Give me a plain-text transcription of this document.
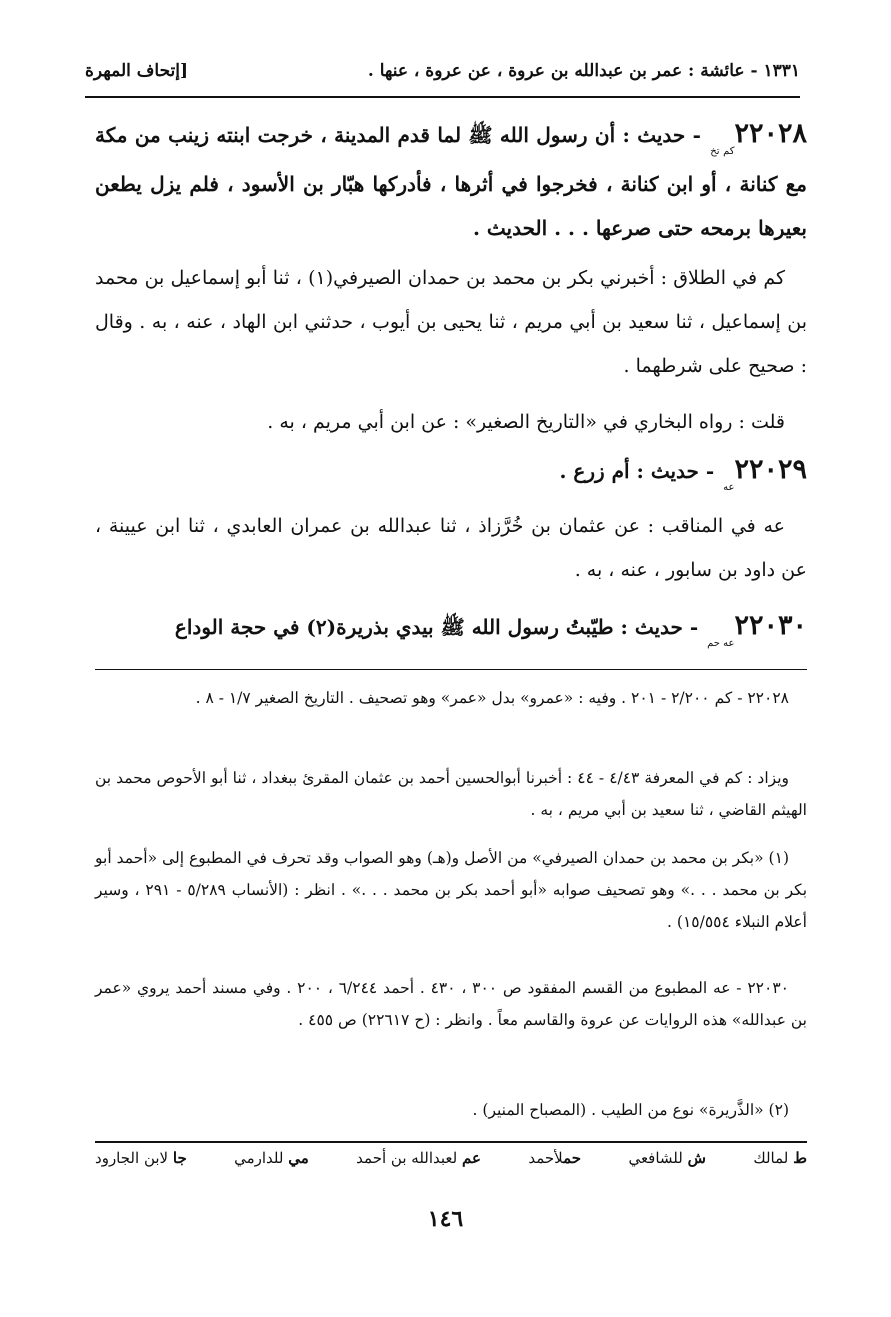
١٣٣١ - عائشة : عمر بن عبدالله بن عروة ، عن عروة ، عنها .
[إتحاف المهرة
$٢٢٠٢٨_{كم تخ}$ - حديث : أن رسول الله ﷺ لما قدم المدينة ، خرجت ابنته زينب من مكة مع كنانة ، أو ابن كنانة ، فخرجوا في أثرها ، فأدركها هبّار بن الأسود ، فلم يزل يطعن بعيرها برمحه حتى صرعها . . . الحديث .
كم في الطلاق : أخبرني بكر بن محمد بن حمدان الصيرفي(١) ، ثنا أبو إسماعيل بن محمد بن إسماعيل ، ثنا سعيد بن أبي مريم ، ثنا يحيى بن أيوب ، حدثني ابن الهاد ، عنه ، به . وقال : صحيح على شرطهما .
قلت : رواه البخاري في «التاريخ الصغير» : عن ابن أبي مريم ، به .
$٢٢٠٢٩_{عه}$ - حديث : أم زرع .
عه في المناقب : عن عثمان بن خُرَّزاذ ، ثنا عبدالله بن عمران العابدي ، ثنا ابن عيينة ، عن داود بن سابور ، عنه ، به .
$٢٢٠٣٠_{عه حم}$ - حديث : طيّبتُ رسول الله ﷺ بيدي بذريرة(٢) في حجة الوداع
٢٢٠٢٨ - كم ٢/٢٠٠ - ٢٠١ . وفيه : «عمرو» بدل «عمر» وهو تصحيف . التاريخ الصغير ١/٧ - ٨ .
ويزاد : كم في المعرفة ٤/٤٣ - ٤٤ : أخبرنا أبوالحسين أحمد بن عثمان المقرئ ببغداد ، ثنا أبو الأحوص محمد بن الهيثم القاضي ، ثنا سعيد بن أبي مريم ، به .
(١) «بكر بن محمد بن حمدان الصيرفي» من الأصل و(هـ) وهو الصواب وقد تحرف في المطبوع إلى «أحمد أبو بكر بن محمد . . .» وهو تصحيف صوابه «أبو أحمد بكر بن محمد . . .» . انظر : (الأنساب ٥/٢٨٩ - ٢٩١ ، وسير أعلام النبلاء ١٥/٥٥٤) .
٢٢٠٣٠ - عه المطبوع من القسم المفقود ص ٣٠٠ ، ٤٣٠ . أحمد ٦/٢٤٤ ، ٢٠٠ . وفي مسند أحمد يروي «عمر بن عبدالله» هذه الروايات عن عروة والقاسم معاً . وانظر : (ح ٢٢٦١٧) ص ٤٥٥ .
(٢) «الذَّريرة» نوع من الطيب . (المصباح المنير) .
ط لمالك
ش للشافعي
حملأحمد
عم لعبدالله بن أحمد
مي للدارمي
جا لابن الجارود
١٤٦
